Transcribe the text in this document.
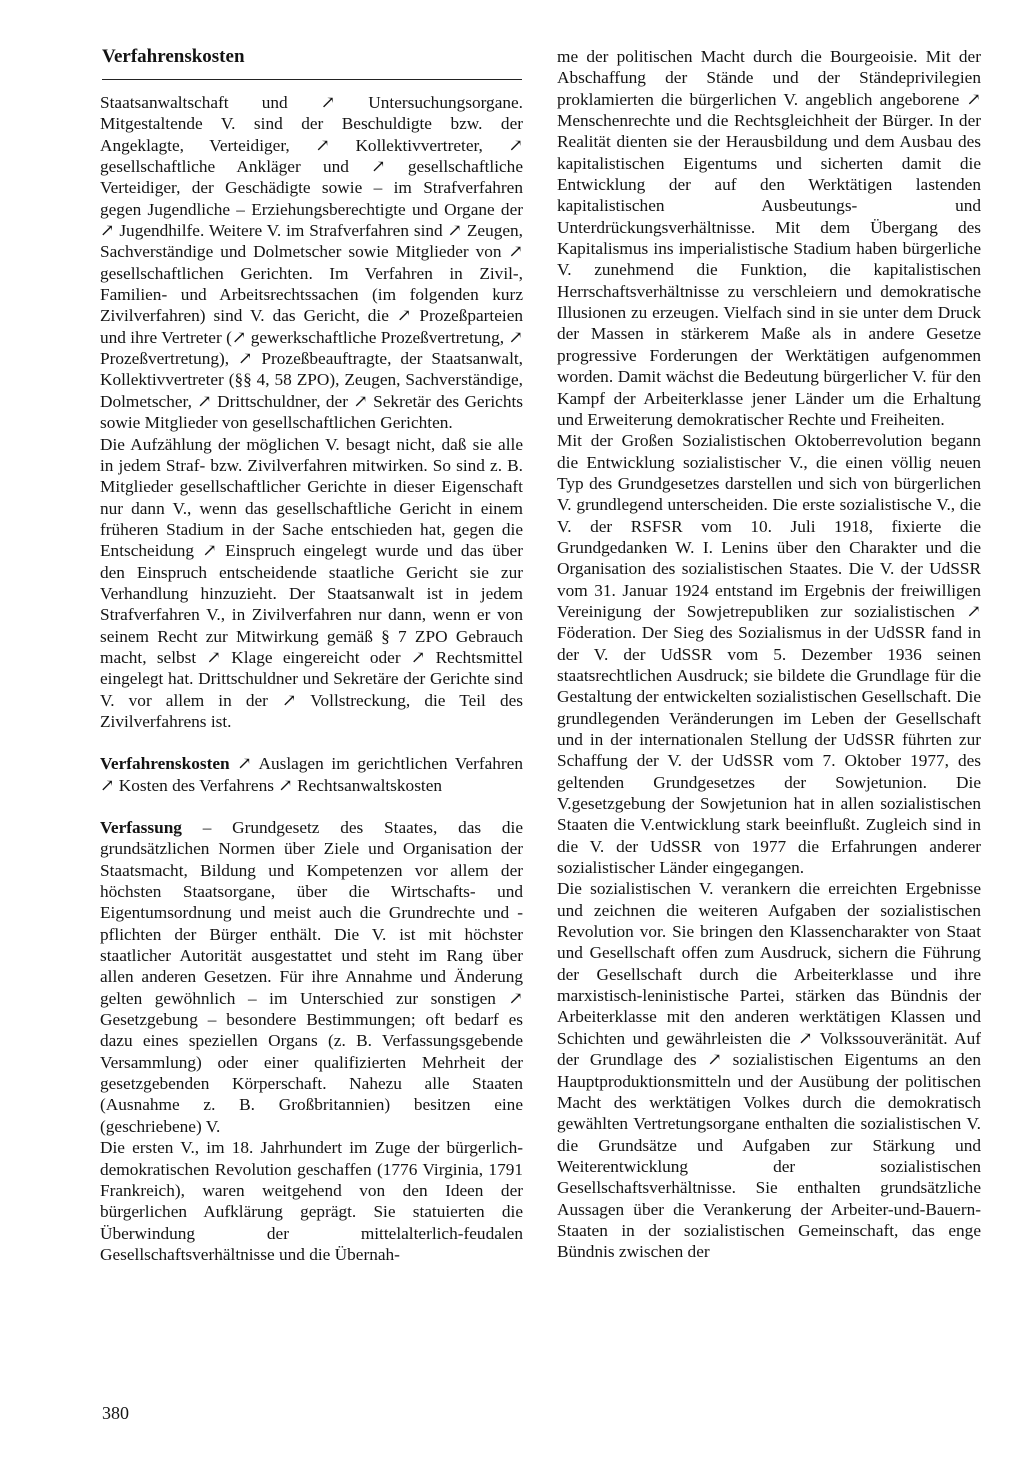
Verfahrenskosten

Staatsanwaltschaft und ↗ Untersuchungsorgane. Mitgestaltende V. sind der Beschuldigte bzw. der Angeklagte, Verteidiger, ↗ Kollektivvertreter, ↗ gesellschaftliche Ankläger und ↗ gesellschaftliche Verteidiger, der Geschädigte sowie – im Strafverfahren gegen Jugendliche – Erziehungsberechtigte und Organe der ↗ Jugendhilfe. Weitere V. im Strafverfahren sind ↗ Zeugen, Sachverständige und Dolmetscher sowie Mitglieder von ↗ gesellschaftlichen Gerichten. Im Verfahren in Zivil-, Familien- und Arbeitsrechtssachen (im folgenden kurz Zivilverfahren) sind V. das Gericht, die ↗ Prozeßparteien und ihre Vertreter (↗ gewerkschaftliche Prozeßvertretung, ↗ Prozeßvertretung), ↗ Prozeßbeauftragte, der Staatsanwalt, Kollektivvertreter (§§ 4, 58 ZPO), Zeugen, Sachverständige, Dolmetscher, ↗ Drittschuldner, der ↗ Sekretär des Gerichts sowie Mitglieder von gesellschaftlichen Gerichten.

Die Aufzählung der möglichen V. besagt nicht, daß sie alle in jedem Straf- bzw. Zivilverfahren mitwirken. So sind z. B. Mitglieder gesellschaftlicher Gerichte in dieser Eigenschaft nur dann V., wenn das gesellschaftliche Gericht in einem früheren Stadium in der Sache entschieden hat, gegen die Entscheidung ↗ Einspruch eingelegt wurde und das über den Einspruch entscheidende staatliche Gericht sie zur Verhandlung hinzuzieht. Der Staatsanwalt ist in jedem Strafverfahren V., in Zivilverfahren nur dann, wenn er von seinem Recht zur Mitwirkung gemäß § 7 ZPO Gebrauch macht, selbst ↗ Klage eingereicht oder ↗ Rechtsmittel eingelegt hat. Drittschuldner und Sekretäre der Gerichte sind V. vor allem in der ↗ Vollstreckung, die Teil des Zivilverfahrens ist.

Verfahrenskosten ↗ Auslagen im gerichtlichen Verfahren ↗ Kosten des Verfahrens ↗ Rechtsanwaltskosten

Verfassung – Grundgesetz des Staates, das die grundsätzlichen Normen über Ziele und Organisation der Staatsmacht, Bildung und Kompetenzen vor allem der höchsten Staatsorgane, über die Wirtschafts- und Eigentumsordnung und meist auch die Grundrechte und -pflichten der Bürger enthält. Die V. ist mit höchster staatlicher Autorität ausgestattet und steht im Rang über allen anderen Gesetzen. Für ihre Annahme und Änderung gelten gewöhnlich – im Unterschied zur sonstigen ↗ Gesetzgebung – besondere Bestimmungen; oft bedarf es dazu eines speziellen Organs (z. B. Verfassungsgebende Versammlung) oder einer qualifizierten Mehrheit der gesetzgebenden Körperschaft. Nahezu alle Staaten (Ausnahme z. B. Großbritannien) besitzen eine (geschriebene) V.

Die ersten V., im 18. Jahrhundert im Zuge der bürgerlich-demokratischen Revolution geschaffen (1776 Virginia, 1791 Frankreich), waren weitgehend von den Ideen der bürgerlichen Aufklärung geprägt. Sie statuierten die Überwindung der mittelalterlich-feudalen Gesellschaftsverhältnisse und die Übernah-

me der politischen Macht durch die Bourgeoisie. Mit der Abschaffung der Stände und der Ständeprivilegien proklamierten die bürgerlichen V. angeblich angeborene ↗ Menschenrechte und die Rechtsgleichheit der Bürger. In der Realität dienten sie der Herausbildung und dem Ausbau des kapitalistischen Eigentums und sicherten damit die Entwicklung der auf den Werktätigen lastenden kapitalistischen Ausbeutungs- und Unterdrückungsverhältnisse. Mit dem Übergang des Kapitalismus ins imperialistische Stadium haben bürgerliche V. zunehmend die Funktion, die kapitalistischen Herrschaftsverhältnisse zu verschleiern und demokratische Illusionen zu erzeugen. Vielfach sind in sie unter dem Druck der Massen in stärkerem Maße als in andere Gesetze progressive Forderungen der Werktätigen aufgenommen worden. Damit wächst die Bedeutung bürgerlicher V. für den Kampf der Arbeiterklasse jener Länder um die Erhaltung und Erweiterung demokratischer Rechte und Freiheiten.

Mit der Großen Sozialistischen Oktoberrevolution begann die Entwicklung sozialistischer V., die einen völlig neuen Typ des Grundgesetzes darstellen und sich von bürgerlichen V. grundlegend unterscheiden. Die erste sozialistische V., die V. der RSFSR vom 10. Juli 1918, fixierte die Grundgedanken W. I. Lenins über den Charakter und die Organisation des sozialistischen Staates. Die V. der UdSSR vom 31. Januar 1924 entstand im Ergebnis der freiwilligen Vereinigung der Sowjetrepubliken zur sozialistischen ↗ Föderation. Der Sieg des Sozialismus in der UdSSR fand in der V. der UdSSR vom 5. Dezember 1936 seinen staatsrechtlichen Ausdruck; sie bildete die Grundlage für die Gestaltung der entwickelten sozialistischen Gesellschaft. Die grundlegenden Veränderungen im Leben der Gesellschaft und in der internationalen Stellung der UdSSR führten zur Schaffung der V. der UdSSR vom 7. Oktober 1977, des geltenden Grundgesetzes der Sowjetunion. Die V.gesetzgebung der Sowjetunion hat in allen sozialistischen Staaten die V.entwicklung stark beeinflußt. Zugleich sind in die V. der UdSSR von 1977 die Erfahrungen anderer sozialistischer Länder eingegangen.

Die sozialistischen V. verankern die erreichten Ergebnisse und zeichnen die weiteren Aufgaben der sozialistischen Revolution vor. Sie bringen den Klassencharakter von Staat und Gesellschaft offen zum Ausdruck, sichern die Führung der Gesellschaft durch die Arbeiterklasse und ihre marxistisch-leninistische Partei, stärken das Bündnis der Arbeiterklasse mit den anderen werktätigen Klassen und Schichten und gewährleisten die ↗ Volkssouveränität. Auf der Grundlage des ↗ sozialistischen Eigentums an den Hauptproduktionsmitteln und der Ausübung der politischen Macht des werktätigen Volkes durch die demokratisch gewählten Vertretungsorgane enthalten die sozialistischen V. die Grundsätze und Aufgaben zur Stärkung und Weiterentwicklung der sozialistischen Gesellschaftsverhältnisse. Sie enthalten grundsätzliche Aussagen über die Verankerung der Arbeiter-und-Bauern-Staaten in der sozialistischen Gemeinschaft, das enge Bündnis zwischen der

380
